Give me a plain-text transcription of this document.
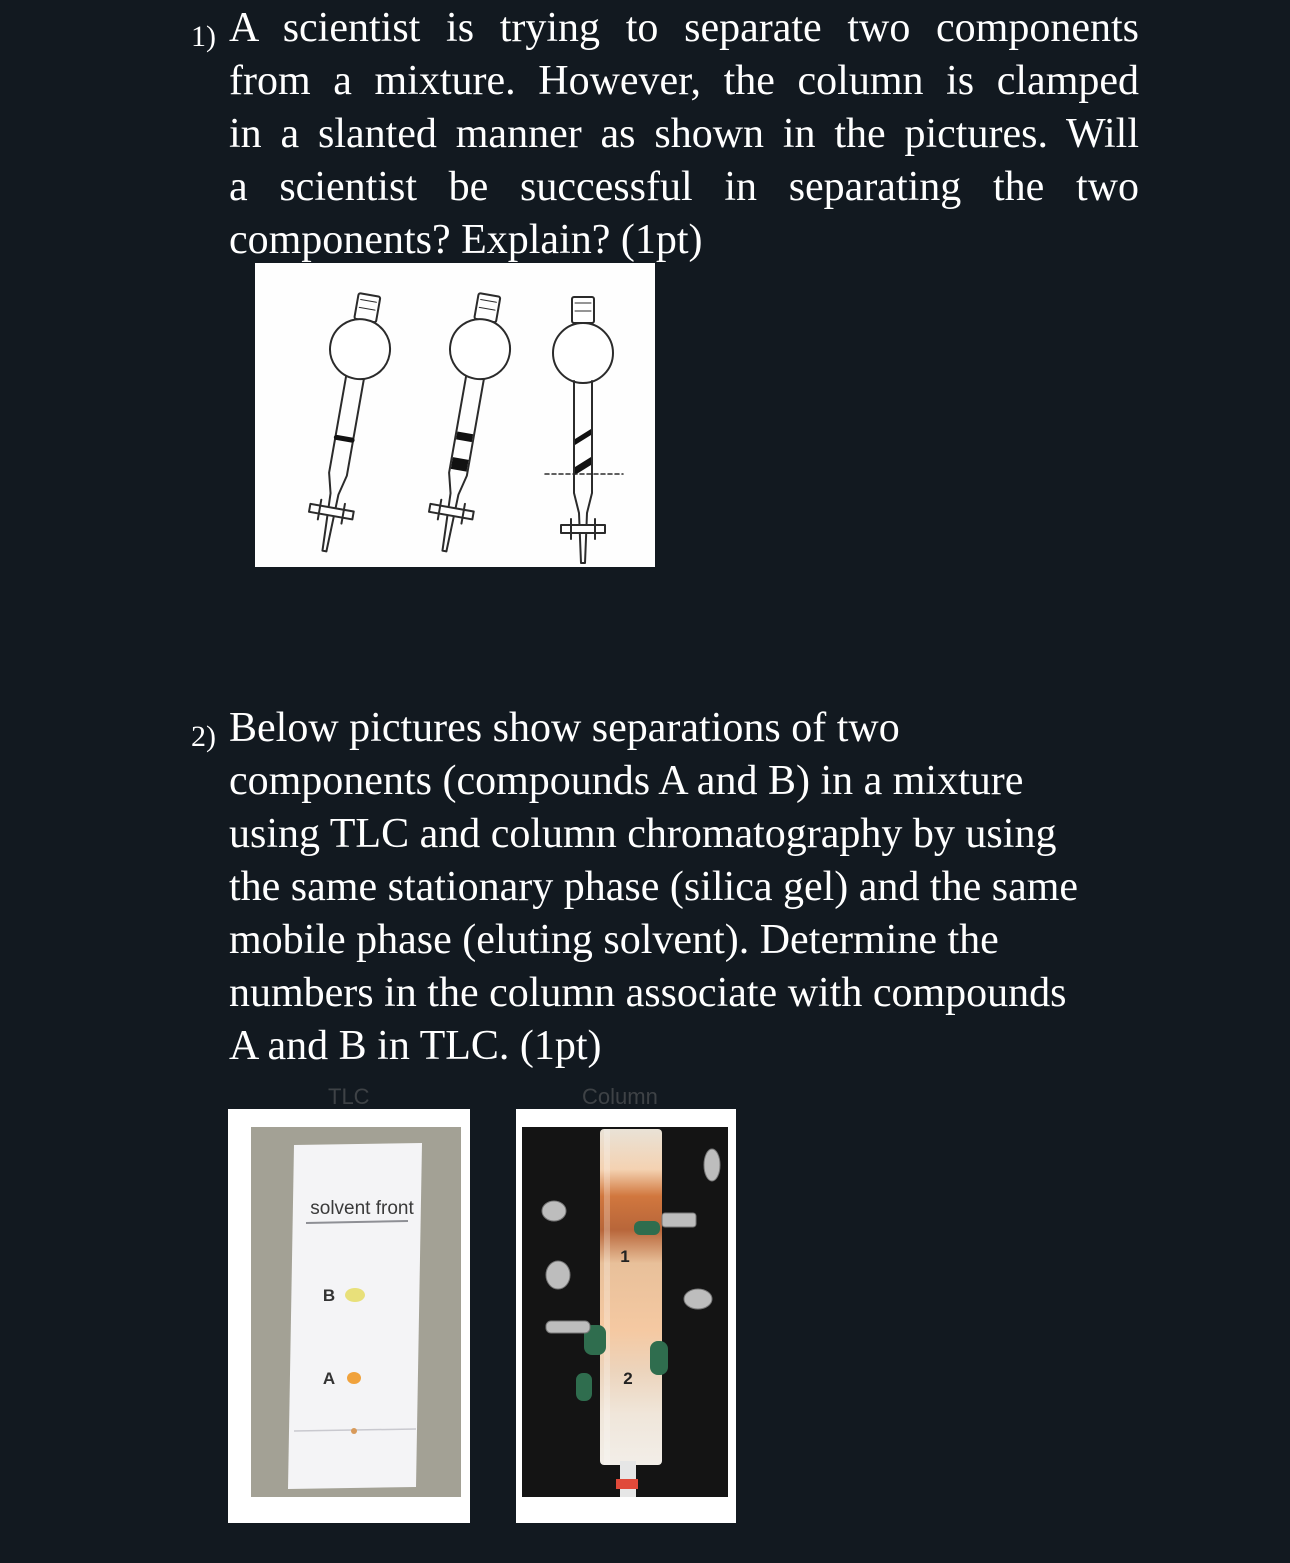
1) A scientist is trying to separate two components
from a mixture. However, the column is clamped
in a slanted manner as shown in the pictures. Will
a scientist be successful in separating the two
components? Explain? (1pt)
2) Below pictures show separations of two
components (compounds A and B) in a mixture
using TLC and column chromatography by using
the same stationary phase (silica gel) and the same
mobile phase (eluting solvent). Determine the
numbers in the column associate with compounds
A and B in TLC. (1pt)
TLC	Column
solvent front
B
A
1
2
